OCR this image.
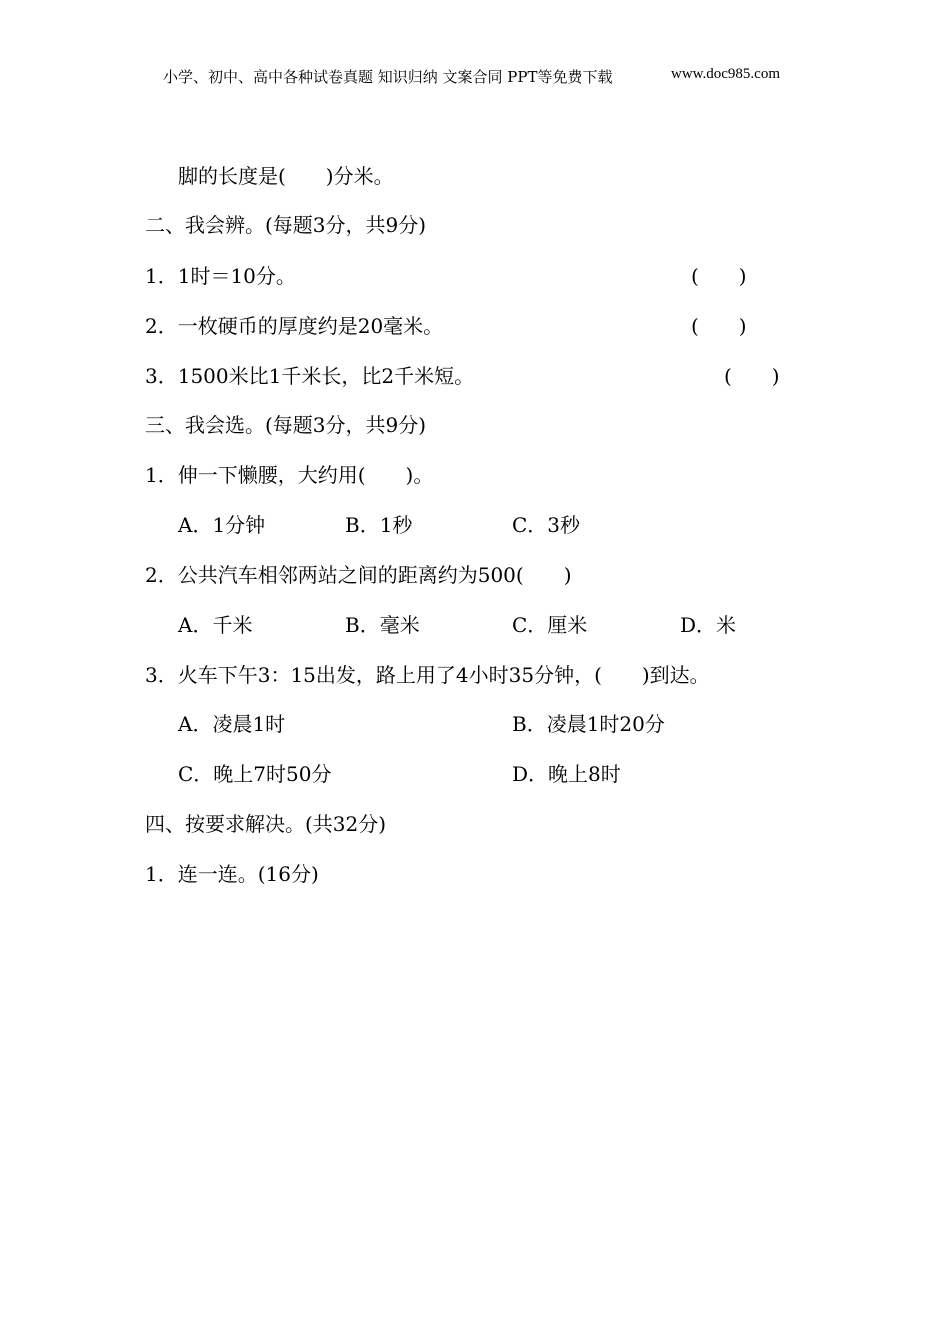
小学、初中、高中各种试卷真题 知识归纳 文案合同 PPT等免费下载	www.doc985.com
脚的长度是(　　)分米。
二、我会辨。(每题3分，共9分)
1．1时＝10分。	(　　)
2．一枚硬币的厚度约是20毫米。	(　　)
3．1500米比1千米长，比2千米短。	(　　)
三、我会选。(每题3分，共9分)
1．伸一下懒腰，大约用(　　)。
A．1分钟	B．1秒	C．3秒
2．公共汽车相邻两站之间的距离约为500(　　)
A．千米	B．毫米	C．厘米	D．米
3．火车下午3：15出发，路上用了4小时35分钟，(　　)到达。
A．凌晨1时	B．凌晨1时20分
C．晚上7时50分	D．晚上8时
四、按要求解决。(共32分)
1．连一连。(16分)
